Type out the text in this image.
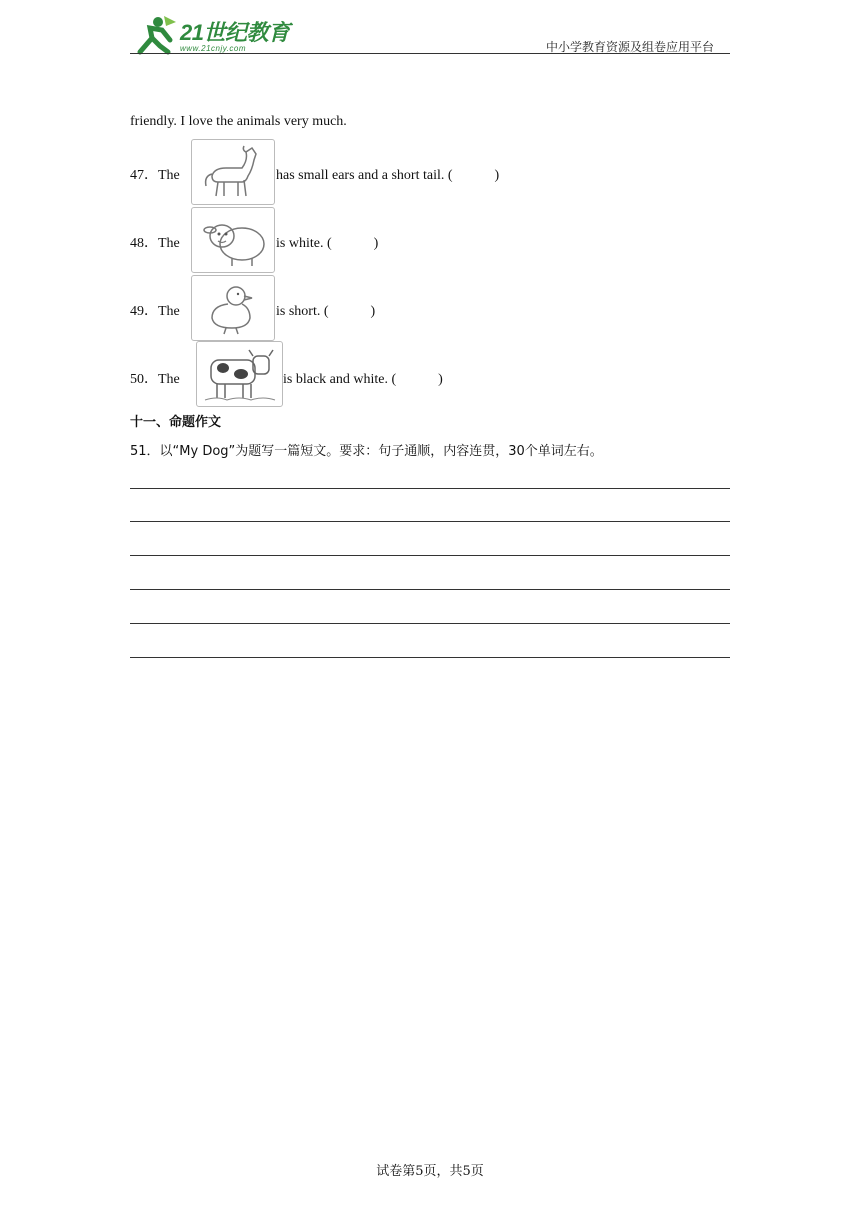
21世纪教育
www.21cnjy.com	中小学教育资源及组卷应用平台
friendly. I love the animals very much.
47．The	has small ears and a short tail. (　　　)
48．The	is white. (　　　)
49．The	is short. (　　　)
50．The	is black and white. (　　　)
十一、命题作文
51．以“My Dog”为题写一篇短文。要求：句子通顺，内容连贯，30个单词左右。
试卷第5页，共5页
